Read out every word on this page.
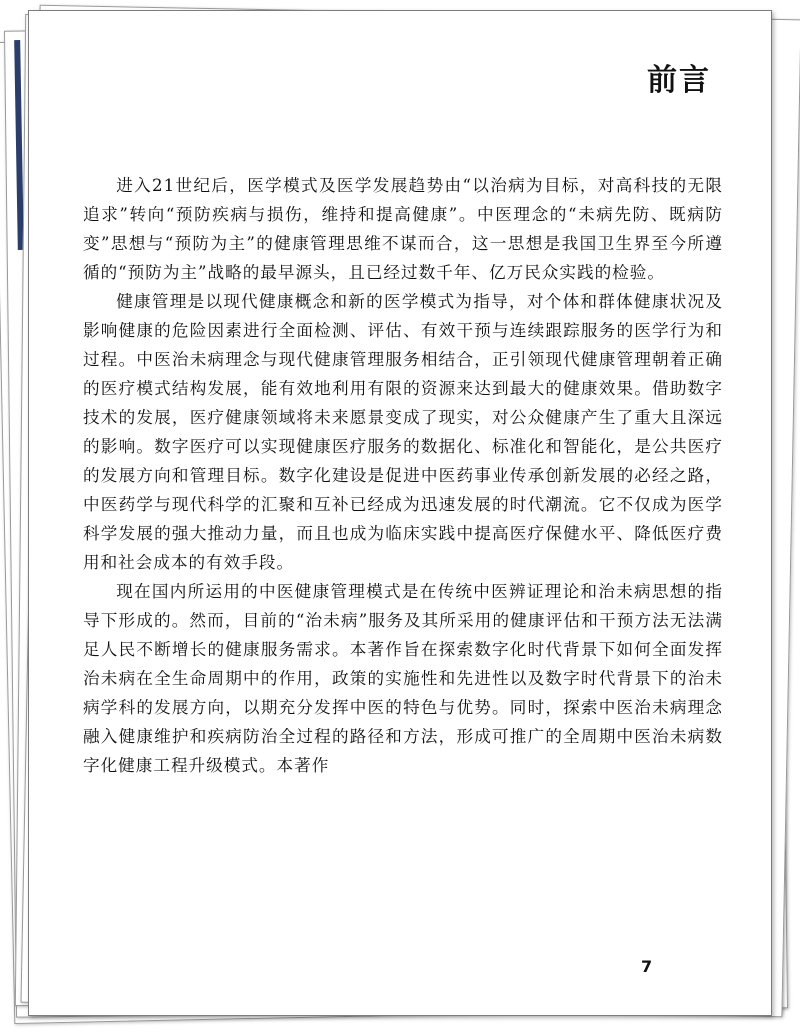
前言

进入21世纪后，医学模式及医学发展趋势由“以治病为目标，对高科技的无限追求”转向“预防疾病与损伤，维持和提高健康”。中医理念的“未病先防、既病防变”思想与“预防为主”的健康管理思维不谋而合，这一思想是我国卫生界至今所遵循的“预防为主”战略的最早源头，且已经过数千年、亿万民众实践的检验。

健康管理是以现代健康概念和新的医学模式为指导，对个体和群体健康状况及影响健康的危险因素进行全面检测、评估、有效干预与连续跟踪服务的医学行为和过程。中医治未病理念与现代健康管理服务相结合，正引领现代健康管理朝着正确的医疗模式结构发展，能有效地利用有限的资源来达到最大的健康效果。借助数字技术的发展，医疗健康领域将未来愿景变成了现实，对公众健康产生了重大且深远的影响。数字医疗可以实现健康医疗服务的数据化、标准化和智能化，是公共医疗的发展方向和管理目标。数字化建设是促进中医药事业传承创新发展的必经之路，中医药学与现代科学的汇聚和互补已经成为迅速发展的时代潮流。它不仅成为医学科学发展的强大推动力量，而且也成为临床实践中提高医疗保健水平、降低医疗费用和社会成本的有效手段。

现在国内所运用的中医健康管理模式是在传统中医辨证理论和治未病思想的指导下形成的。然而，目前的“治未病”服务及其所采用的健康评估和干预方法无法满足人民不断增长的健康服务需求。本著作旨在探索数字化时代背景下如何全面发挥治未病在全生命周期中的作用，政策的实施性和先进性以及数字时代背景下的治未病学科的发展方向，以期充分发挥中医的特色与优势。同时，探索中医治未病理念融入健康维护和疾病防治全过程的路径和方法，形成可推广的全周期中医治未病数字化健康工程升级模式。本著作

7
